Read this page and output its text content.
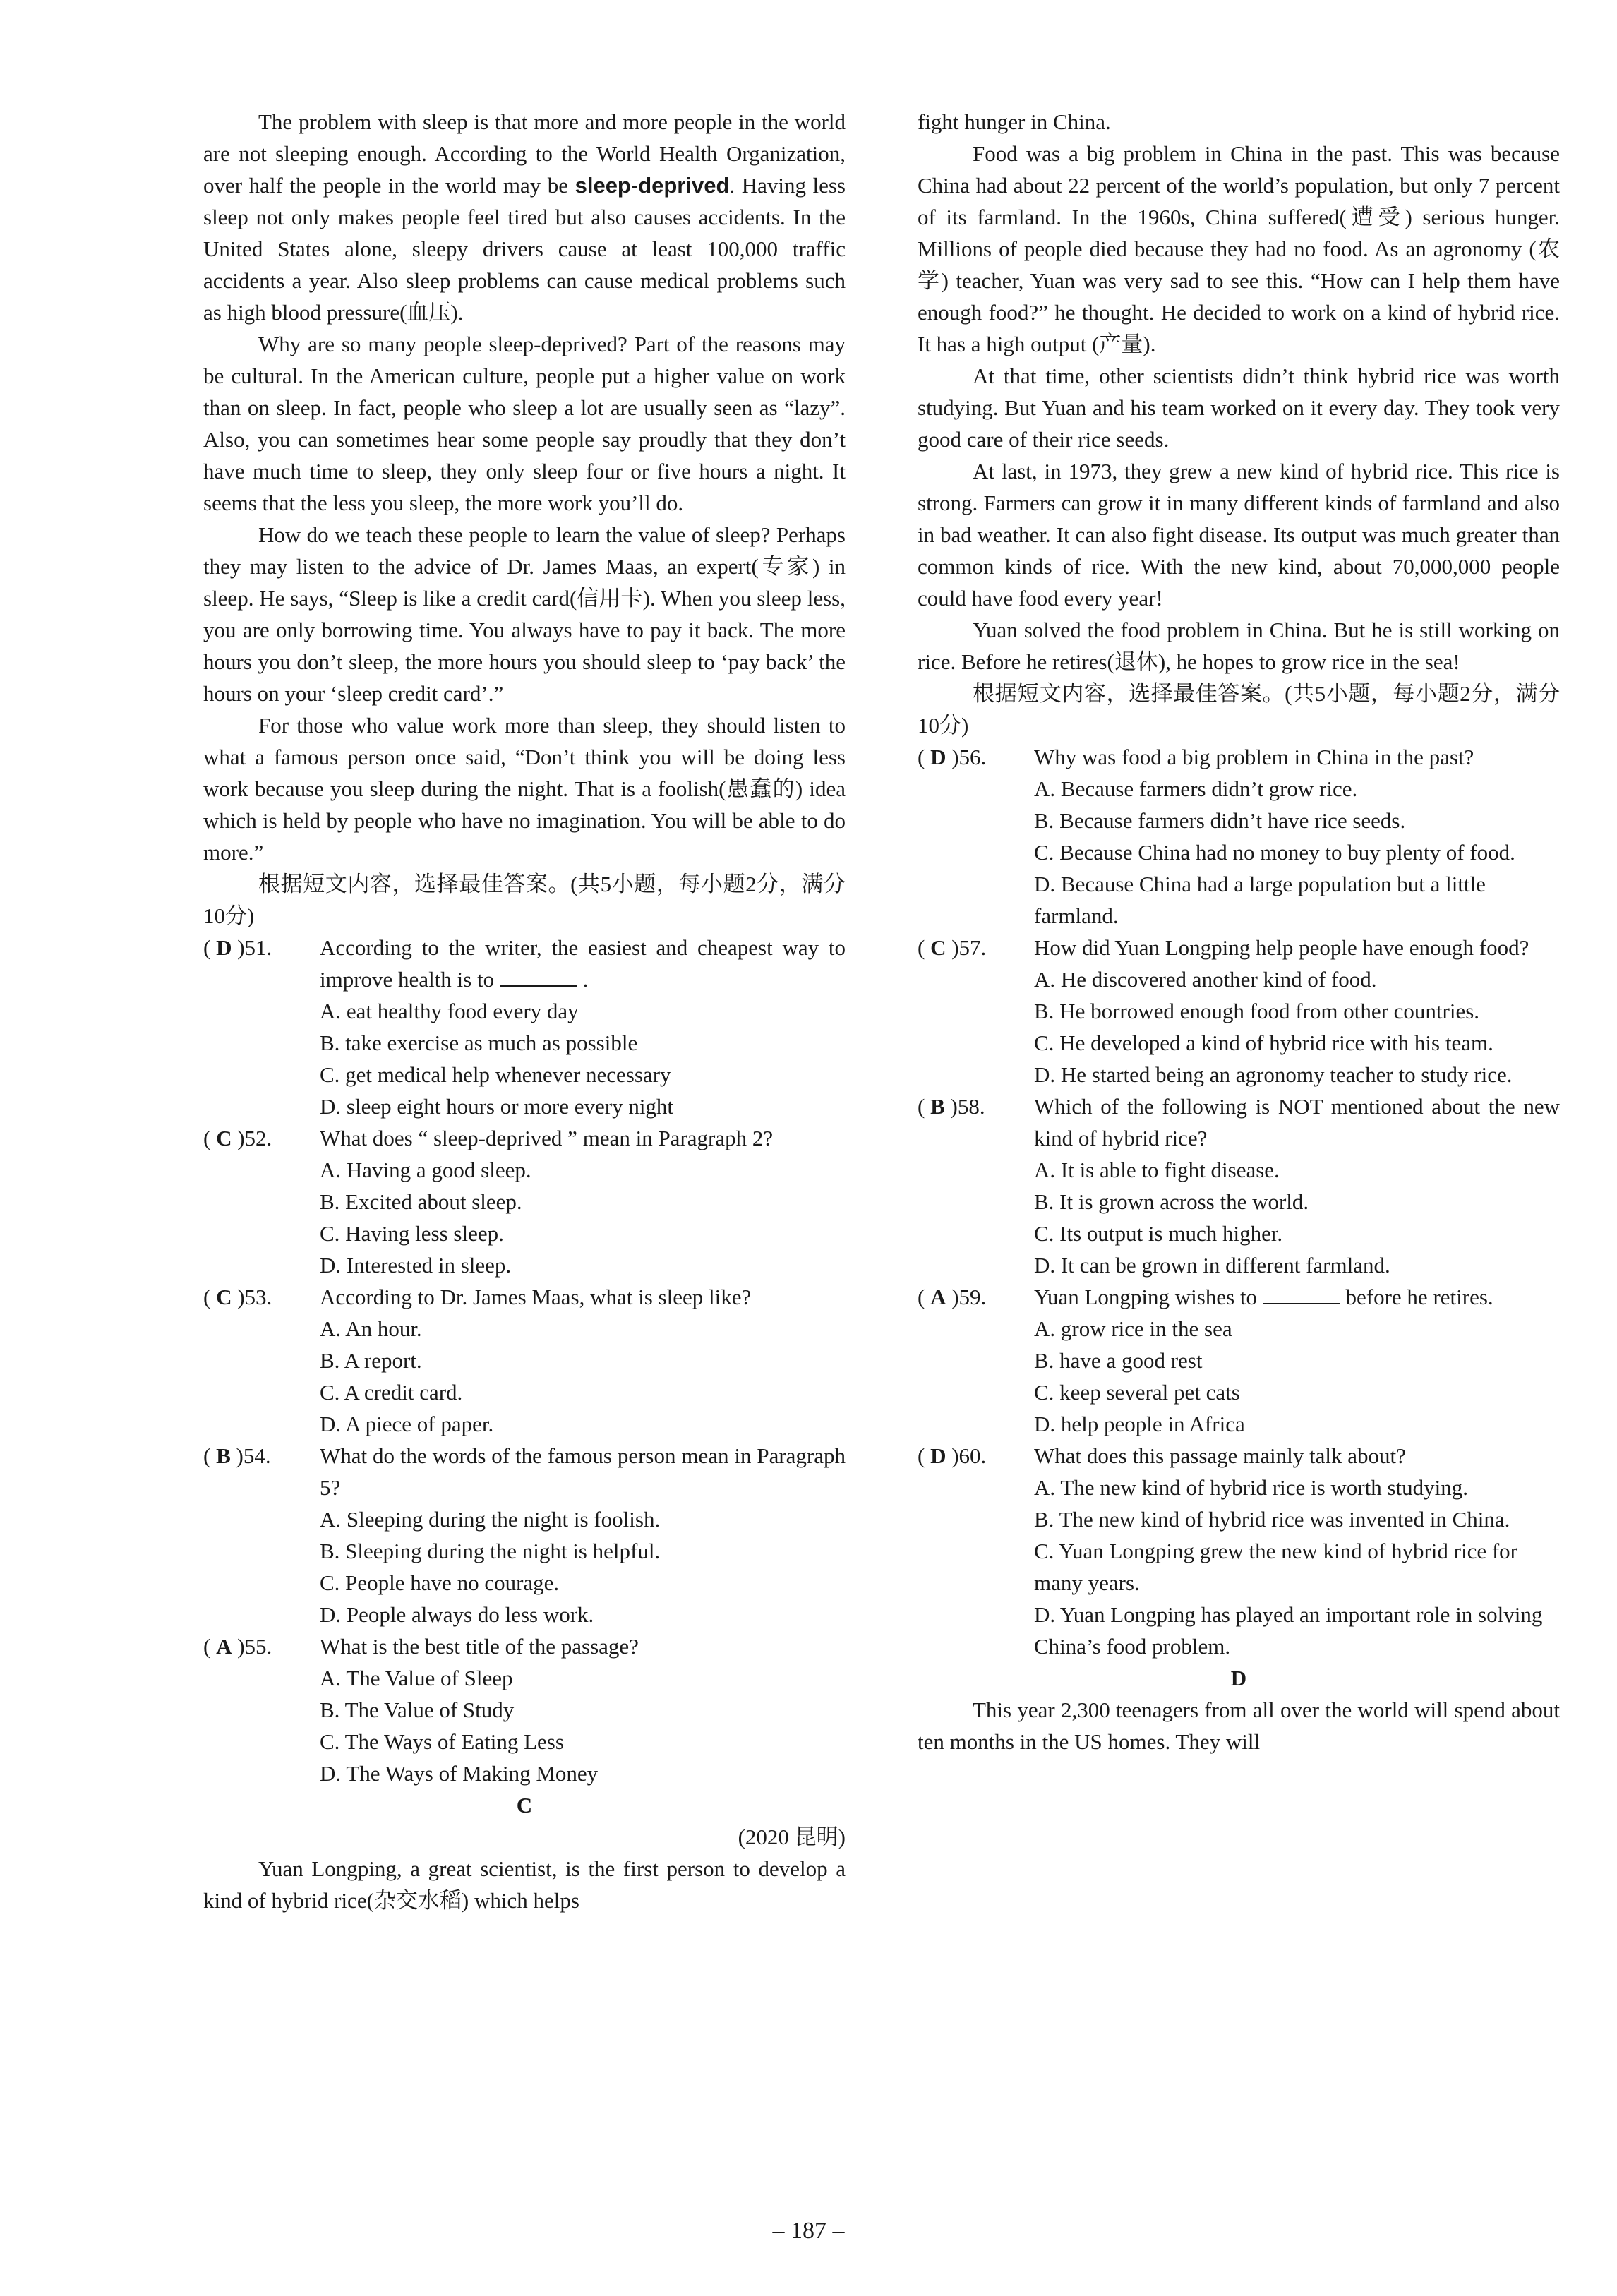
The problem with sleep is that more and more people in the world are not sleeping enough. According to the World Health Organization, over half the people in the world may be sleep-deprived. Having less sleep not only makes people feel tired but also causes accidents. In the United States alone, sleepy drivers cause at least 100,000 traffic accidents a year. Also sleep problems can cause medical problems such as high blood pressure(血压).

Why are so many people sleep-deprived? Part of the reasons may be cultural. In the American culture, people put a higher value on work than on sleep. In fact, people who sleep a lot are usually seen as “lazy”. Also, you can sometimes hear some people say proudly that they don’t have much time to sleep, they only sleep four or five hours a night. It seems that the less you sleep, the more work you’ll do.

How do we teach these people to learn the value of sleep? Perhaps they may listen to the advice of Dr. James Maas, an expert(专家) in sleep. He says, “Sleep is like a credit card(信用卡). When you sleep less, you are only borrowing time. You always have to pay it back. The more hours you don’t sleep, the more hours you should sleep to ‘pay back’ the hours on your ‘sleep credit card’.”

For those who value work more than sleep, they should listen to what a famous person once said, “Don’t think you will be doing less work because you sleep during the night. That is a foolish(愚蠢的) idea which is held by people who have no imagination. You will be able to do more.”

根据短文内容，选择最佳答案。(共5小题，每小题2分，满分10分)

( D )51.	According to the writer, the easiest and cheapest way to improve health is to	.
A. eat healthy food every day
B. take exercise as much as possible
C. get medical help whenever necessary
D. sleep eight hours or more every night
( C )52.	What does “ sleep-deprived ” mean in Paragraph 2?
A. Having a good sleep.
B. Excited about sleep.
C. Having less sleep.
D. Interested in sleep.
( C )53.	According to Dr. James Maas, what is sleep like?
A. An hour.
B. A report.
C. A credit card.
D. A piece of paper.
( B )54.	What do the words of the famous person mean in Paragraph 5?
A. Sleeping during the night is foolish.
B. Sleeping during the night is helpful.
C. People have no courage.
D. People always do less work.
( A )55.	What is the best title of the passage?
A. The Value of Sleep
B. The Value of Study
C. The Ways of Eating Less
D. The Ways of Making Money

C

(2020 昆明)

Yuan Longping, a great scientist, is the first person to develop a kind of hybrid rice(杂交水稻) which helps

fight hunger in China.

Food was a big problem in China in the past. This was because China had about 22 percent of the world’s population, but only 7 percent of its farmland. In the 1960s, China suffered(遭受) serious hunger. Millions of people died because they had no food. As an agronomy (农学) teacher, Yuan was very sad to see this. “How can I help them have enough food?” he thought. He decided to work on a kind of hybrid rice. It has a high output (产量).

At that time, other scientists didn’t think hybrid rice was worth studying. But Yuan and his team worked on it every day. They took very good care of their rice seeds.

At last, in 1973, they grew a new kind of hybrid rice. This rice is strong. Farmers can grow it in many different kinds of farmland and also in bad weather. It can also fight disease. Its output was much greater than common kinds of rice. With the new kind, about 70,000,000 people could have food every year!

Yuan solved the food problem in China. But he is still working on rice. Before he retires(退休), he hopes to grow rice in the sea!

根据短文内容，选择最佳答案。(共5小题，每小题2分，满分10分)

( D )56.	Why was food a big problem in China in the past?
A. Because farmers didn’t grow rice.
B. Because farmers didn’t have rice seeds.
C. Because China had no money to buy plenty of food.
D. Because China had a large population but a little farmland.
( C )57.	How did Yuan Longping help people have enough food?
A. He discovered another kind of food.
B. He borrowed enough food from other countries.
C. He developed a kind of hybrid rice with his team.
D. He started being an agronomy teacher to study rice.
( B )58.	Which of the following is NOT mentioned about the new kind of hybrid rice?
A. It is able to fight disease.
B. It is grown across the world.
C. Its output is much higher.
D. It can be grown in different farmland.
( A )59.	Yuan Longping wishes to	before he retires.
A. grow rice in the sea
B. have a good rest
C. keep several pet cats
D. help people in Africa
( D )60.	What does this passage mainly talk about?
A. The new kind of hybrid rice is worth studying.
B. The new kind of hybrid rice was invented in China.
C. Yuan Longping grew the new kind of hybrid rice for many years.
D. Yuan Longping has played an important role in solving China’s food problem.

D

This year 2,300 teenagers from all over the world will spend about ten months in the US homes. They will

– 187 –
